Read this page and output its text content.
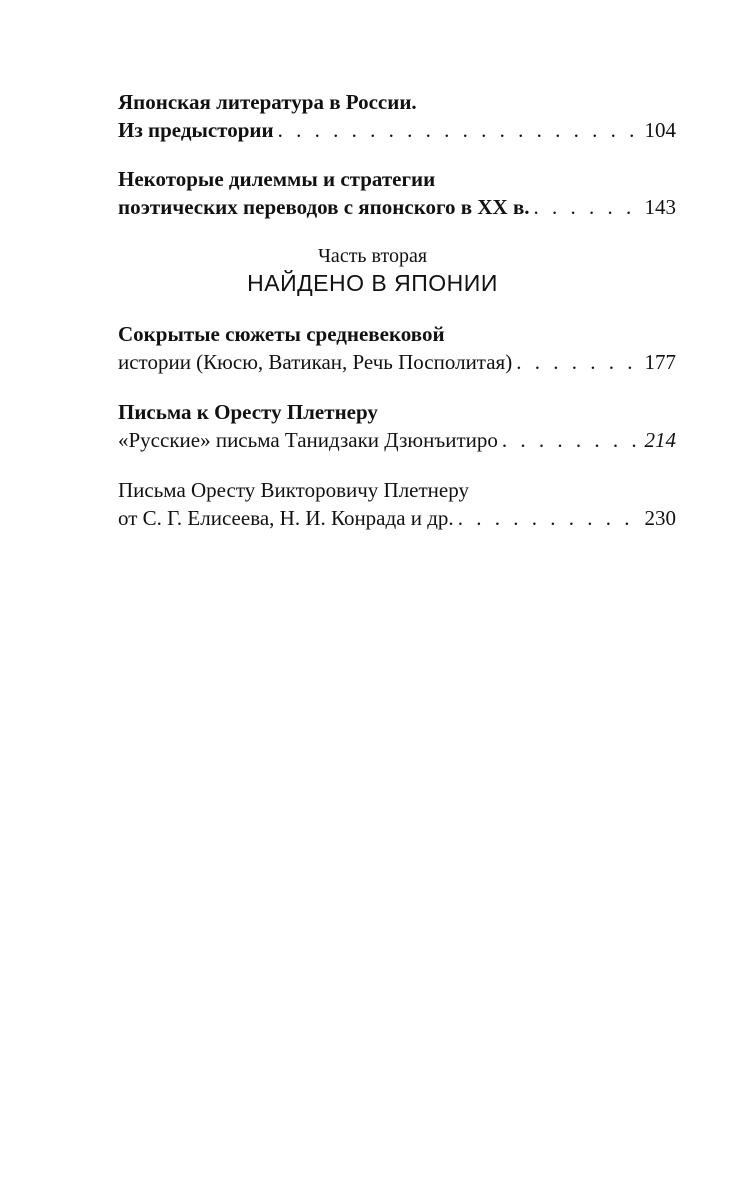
Японская литература в России.
Из предыстории . . .	104
Некоторые дилеммы и стратегии
поэтических переводов с японского в XX в. . . .	143
Часть вторая
НАЙДЕНО В ЯПОНИИ
Сокрытые сюжеты средневековой
истории (Кюсю, Ватикан, Речь Посполитая) . . .	177
Письма к Оресту Плетнеру
«Русские» письма Танидзаки Дзюнъитиро . . .	214
Письма Оресту Викторовичу Плетнеру
от С. Г. Елисеева, Н. И. Конрада и др. . . .	230
